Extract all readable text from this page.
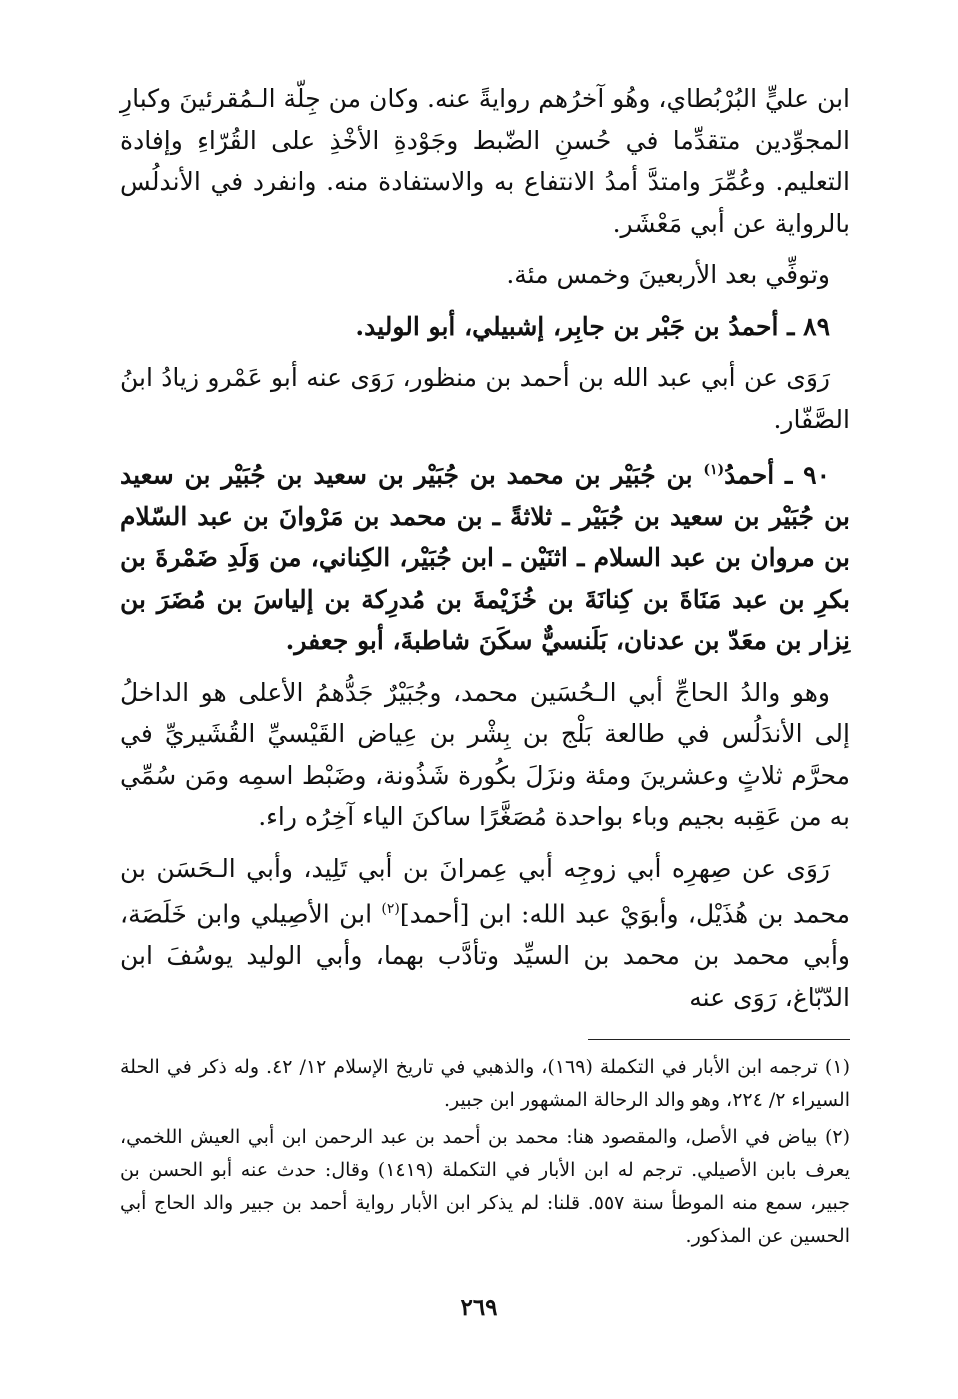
ابن عليٍّ البُرْبُطاي، وهُو آخرُهم روايةً عنه. وكان من جِلّة الـمُقرئينَ وكبارِ المجوِّدين متقدِّما في حُسنِ الضّبط وجَوْدةِ الأخْذِ على القُرّاءِ وإفادة التعليم. وعُمِّرَ وامتدَّ أمدُ الانتفاع به والاستفادة منه. وانفرد في الأندلُس بالرواية عن أبي مَعْشَر.

وتوفِّي بعد الأربعينَ وخمس مئة.

٨٩ ـ أحمدُ بن جَبْر بن جابِر، إشبيلي، أبو الوليد.

رَوَى عن أبي عبد الله بن أحمد بن منظور، رَوَى عنه أبو عَمْرو زيادُ ابنُ الصَّفّار.

٩٠ ـ أحمدُ$^{(١)}$ بن جُبَيْر بن محمد بن جُبَيْر بن سعيد بن جُبَيْر بن سعيد بن جُبَيْر بن سعيد بن جُبَيْر ـ ثلاثةً ـ بن محمد بن مَرْوانَ بن عبد السّلام بن مروان بن عبد السلام ـ اثنَيْن ـ ابن جُبَيْر، الكِناني، من وَلَدِ ضَمْرةَ بن بكرِ بن عبد مَنَاةَ بن كِنانَةَ بن خُزَيْمةَ بن مُدرِكة بن إلياسَ بن مُضَرَ بن نِزار بن معَدّ بن عدنان، بَلَنسيٌّ سكَنَ شاطبةَ، أبو جعفر.

وهو والدُ الحاجِّ أبي الـحُسَين محمد، وجُبَيْرٌ جَدُّهمُ الأعلى هو الداخلُ إلى الأندَلُس في طالعة بَلْج بن بِشْر بن عِياض القَيْسيِّ القُشَيريِّ في محرَّم ثلاثٍ وعشرينَ ومئة ونزَلَ بكُورة شَذُونة، وضَبْط اسمِه ومَن سُمِّي به من عَقِبه بجيم وباء بواحدة مُصَغَّرًا ساكنَ الياء آخِرُه راء.

رَوَى عن صِهرِه أبي زوجِه أبي عِمرانَ بن أبي تَلِيد، وأبي الـحَسَن بن محمد بن هُذَيْل، وأبوَيْ عبد الله: ابن [أحمد]$^{(٢)}$ ابن الأصِيلي وابن خَلَصَة، وأبي محمد بن محمد بن السيِّد وتأدَّب بهما، وأبي الوليد يوسُفَ ابن الدّبّاغ، رَوَى عنه

(١) ترجمه ابن الأبار في التكملة (١٦٩)، والذهبي في تاريخ الإسلام ١٢/ ٤٢. وله ذكر في الحلة السيراء ٢/ ٢٢٤، وهو والد الرحالة المشهور ابن جبير.

(٢) بياض في الأصل، والمقصود هنا: محمد بن أحمد بن عبد الرحمن ابن أبي العيش اللخمي، يعرف بابن الأصيلي. ترجم له ابن الأبار في التكملة (١٤١٩) وقال: حدث عنه أبو الحسن بن جبير، سمع منه الموطأ سنة ٥٥٧. قلنا: لم يذكر ابن الأبار رواية أحمد بن جبير والد الحاج أبي الحسين عن المذكور.

٢٦٩
